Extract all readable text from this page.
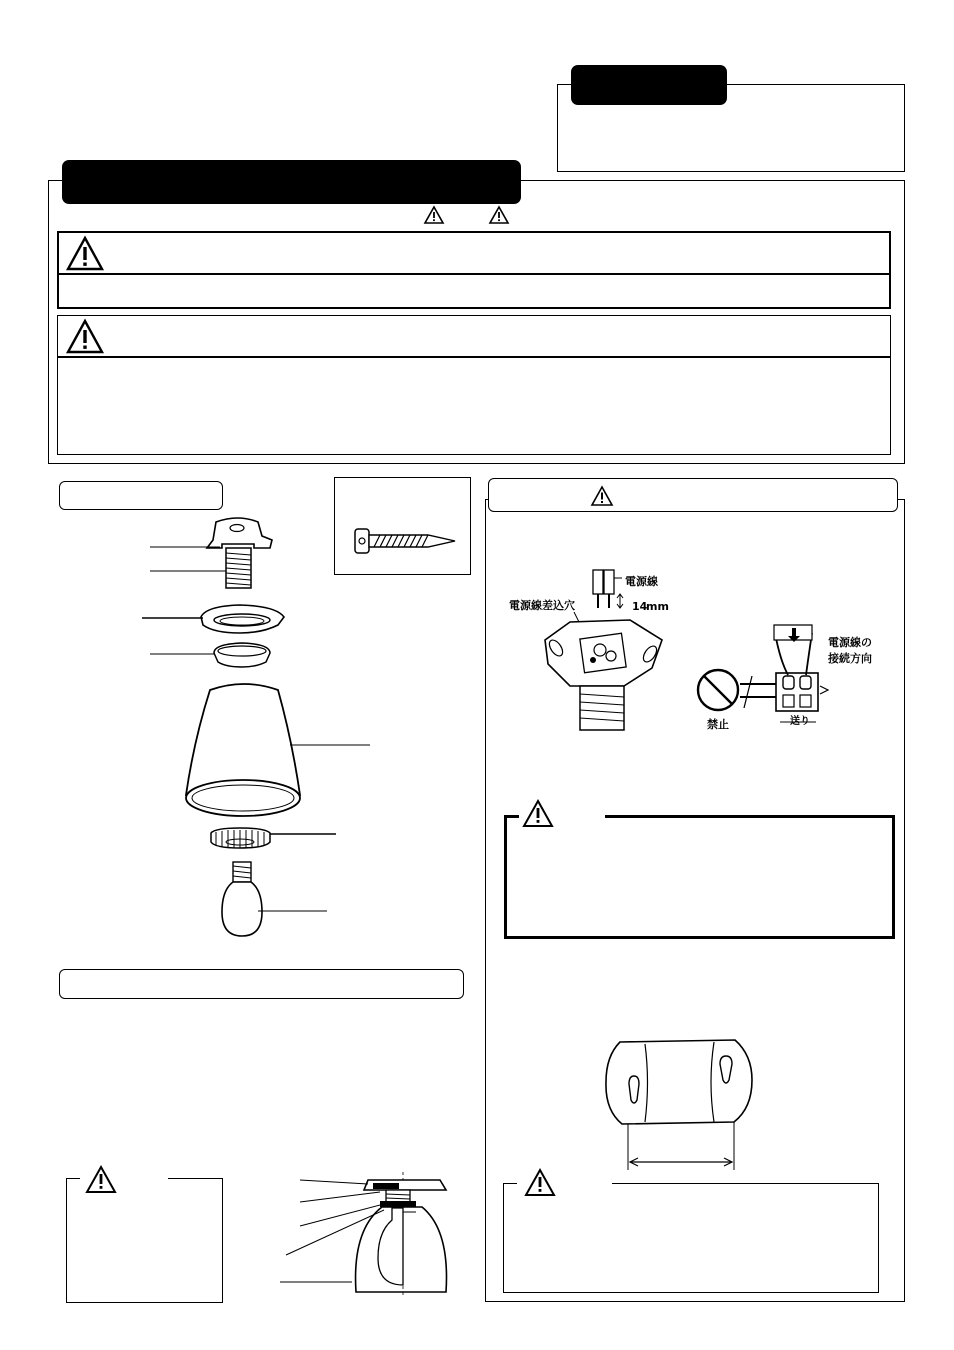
電源線
電源線差込穴	14
mm
電源線の
接続方向
禁止	送り
